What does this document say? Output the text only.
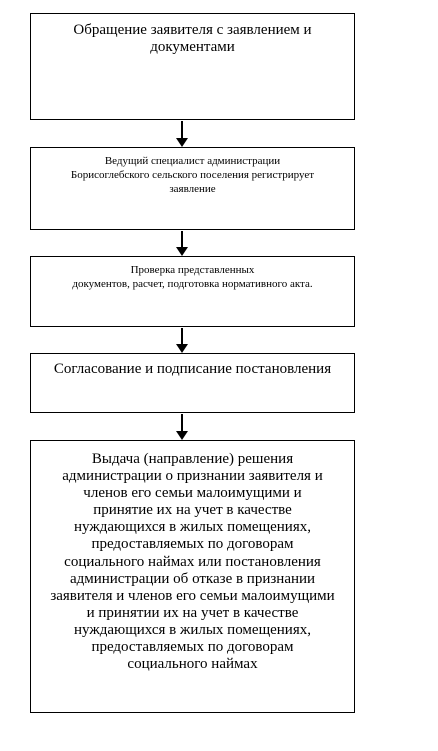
Обращение заявителя с заявлением и
документами

Ведущий специалист администрации
Борисоглебского сельского поселения регистрирует
заявление

Проверка представленных
документов, расчет, подготовка нормативного акта.

Согласование и подписание постановления

Выдача (направление) решения
администрации о признании заявителя и
членов его семьи малоимущими и
принятие их на учет в качестве
нуждающихся в жилых помещениях,
предоставляемых по договорам
социального наймах или постановления
администрации об отказе в признании
заявителя и членов его семьи малоимущими
и принятии их на учет в качестве
нуждающихся в жилых помещениях,
предоставляемых по договорам
социального наймах
